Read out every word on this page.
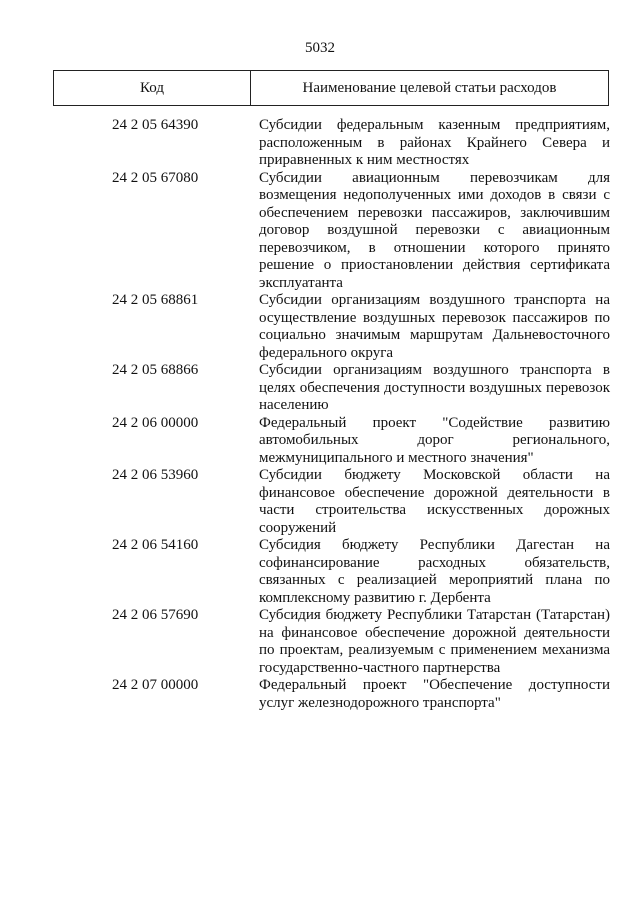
5032
Код	Наименование целевой статьи расходов
24 2 05 64390	Субсидии федеральным казенным предприятиям, расположенным в районах Крайнего Севера и приравненных к ним местностях
24 2 05 67080	Субсидии авиационным перевозчикам для возмещения недополученных ими доходов в связи с обеспечением перевозки пассажиров, заключившим договор воздушной перевозки с авиационным перевозчиком, в отношении которого принято решение о приостановлении действия сертификата эксплуатанта
24 2 05 68861	Субсидии организациям воздушного транспорта на осуществление воздушных перевозок пассажиров по социально значимым маршрутам Дальневосточного федерального округа
24 2 05 68866	Субсидии организациям воздушного транспорта в целях обеспечения доступности воздушных перевозок населению
24 2 06 00000	Федеральный проект "Содействие развитию автомобильных дорог регионального, межмуниципального и местного значения"
24 2 06 53960	Субсидии бюджету Московской области на финансовое обеспечение дорожной деятельности в части строительства искусственных дорожных сооружений
24 2 06 54160	Субсидия бюджету Республики Дагестан на софинансирование расходных обязательств, связанных с реализацией мероприятий плана по комплексному развитию г. Дербента
24 2 06 57690	Субсидия бюджету Республики Татарстан (Татарстан) на финансовое обеспечение дорожной деятельности по проектам, реализуемым с применением механизма государственно-частного партнерства
24 2 07 00000	Федеральный проект "Обеспечение доступности услуг железнодорожного транспорта"
